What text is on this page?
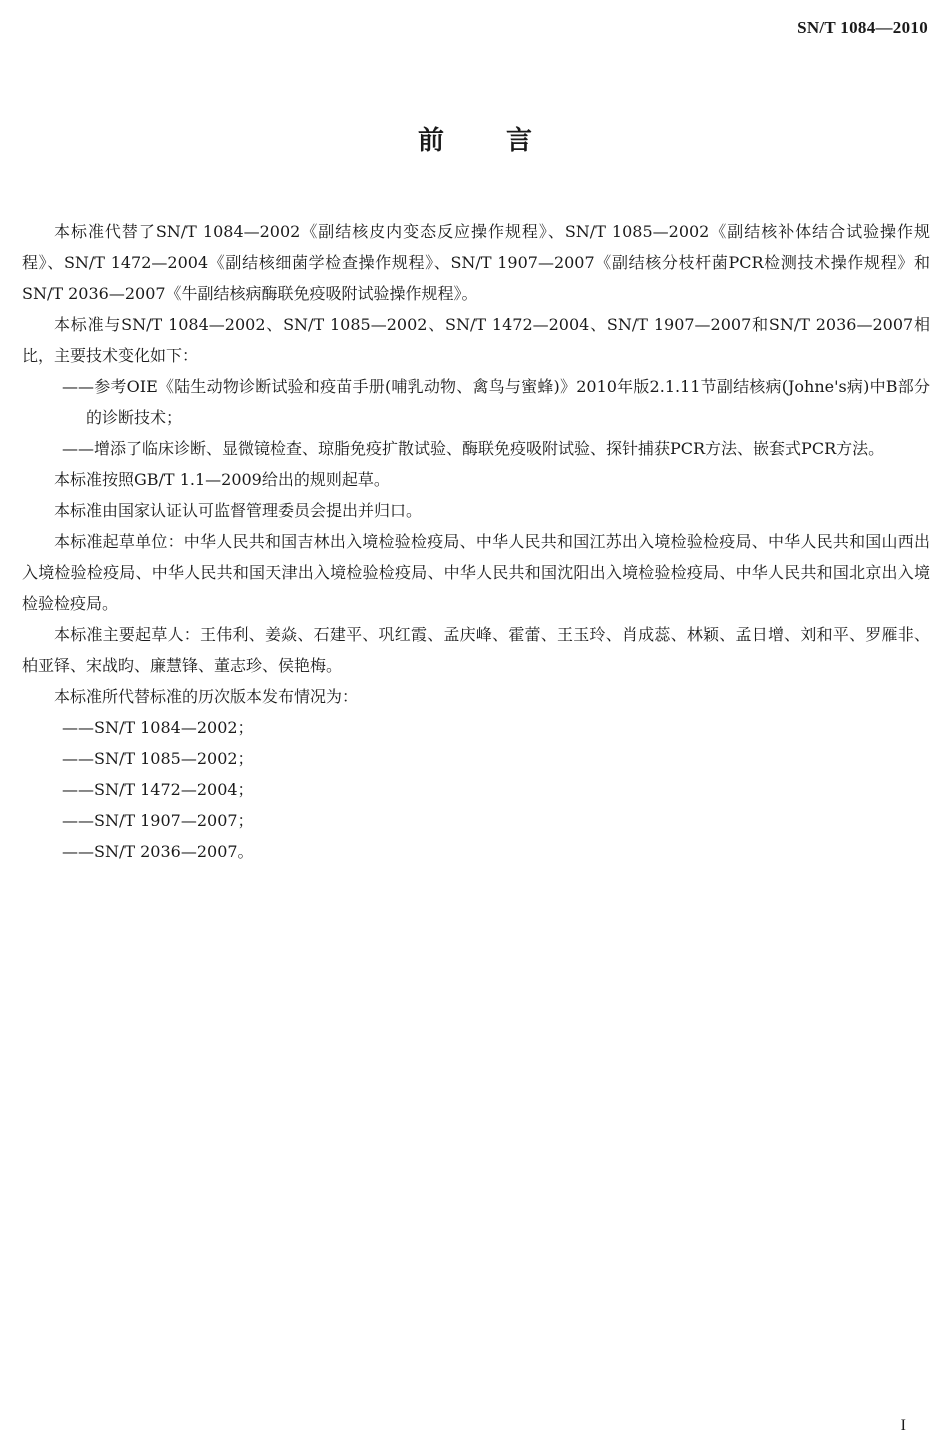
SN/T 1084—2010
前言

本标准代替了SN/T 1084—2002《副结核皮内变态反应操作规程》、SN/T 1085—2002《副结核补体结合试验操作规程》、SN/T 1472—2004《副结核细菌学检查操作规程》、SN/T 1907—2007《副结核分枝杆菌PCR检测技术操作规程》和SN/T 2036—2007《牛副结核病酶联免疫吸附试验操作规程》。

本标准与SN/T 1084—2002、SN/T 1085—2002、SN/T 1472—2004、SN/T 1907—2007和SN/T 2036—2007相比，主要技术变化如下：

——参考OIE《陆生动物诊断试验和疫苗手册(哺乳动物、禽鸟与蜜蜂)》2010年版2.1.11节副结核病(Johne's病)中B部分的诊断技术；

——增添了临床诊断、显微镜检查、琼脂免疫扩散试验、酶联免疫吸附试验、探针捕获PCR方法、嵌套式PCR方法。

本标准按照GB/T 1.1—2009给出的规则起草。

本标准由国家认证认可监督管理委员会提出并归口。

本标准起草单位：中华人民共和国吉林出入境检验检疫局、中华人民共和国江苏出入境检验检疫局、中华人民共和国山西出入境检验检疫局、中华人民共和国天津出入境检验检疫局、中华人民共和国沈阳出入境检验检疫局、中华人民共和国北京出入境检验检疫局。

本标准主要起草人：王伟利、姜焱、石建平、巩红霞、孟庆峰、霍蕾、王玉玲、肖成蕊、林颖、孟日增、刘和平、罗雁非、柏亚铎、宋战昀、廉慧锋、董志珍、侯艳梅。

本标准所代替标准的历次版本发布情况为：

——SN/T 1084—2002；

——SN/T 1085—2002；

——SN/T 1472—2004；

——SN/T 1907—2007；

——SN/T 2036—2007。

I
